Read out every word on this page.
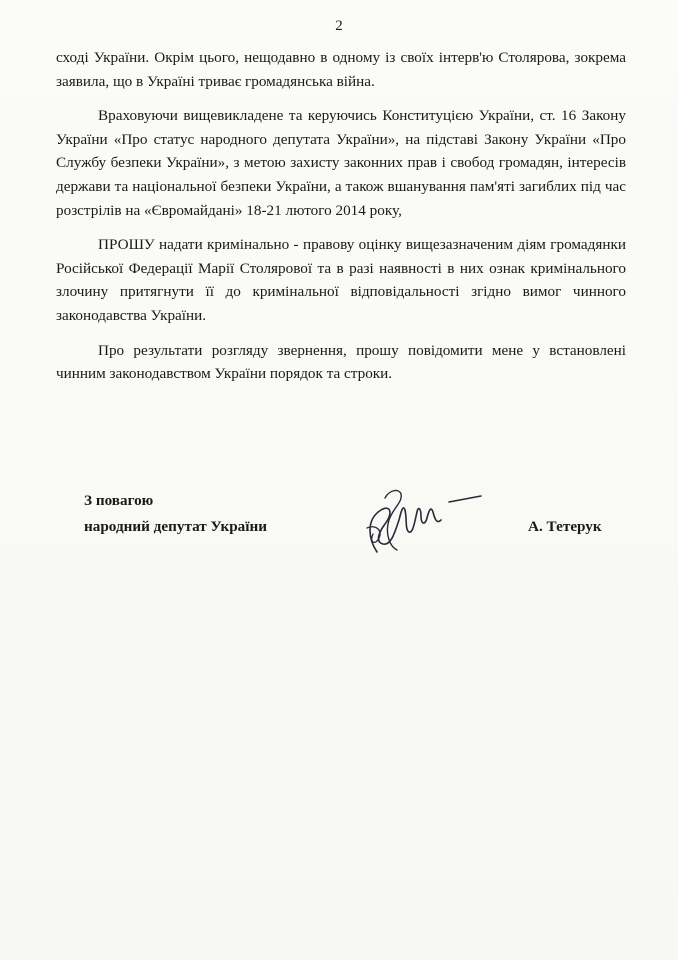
2

сході України. Окрім цього, нещодавно в одному із своїх інтерв'ю Столярова, зокрема заявила, що в Україні триває громадянська війна.

Враховуючи вищевикладене та керуючись Конституцією України, ст. 16 Закону України «Про статус народного депутата України», на підставі Закону України «Про Службу безпеки України», з метою захисту законних прав і свобод громадян, інтересів держави та національної безпеки України, а також вшанування пам'яті загиблих під час розстрілів на «Євромайдані» 18-21 лютого 2014 року,

ПРОШУ надати кримінально - правову оцінку вищезазначеним діям громадянки Російської Федерації Марії Столярової та в разі наявності в них ознак кримінального злочину притягнути її до кримінальної відповідальності згідно вимог чинного законодавства України.

Про результати розгляду звернення, прошу повідомити мене у встановлені чинним законодавством України порядок та строки.

З повагою
народний депутат України	А. Тетерук
